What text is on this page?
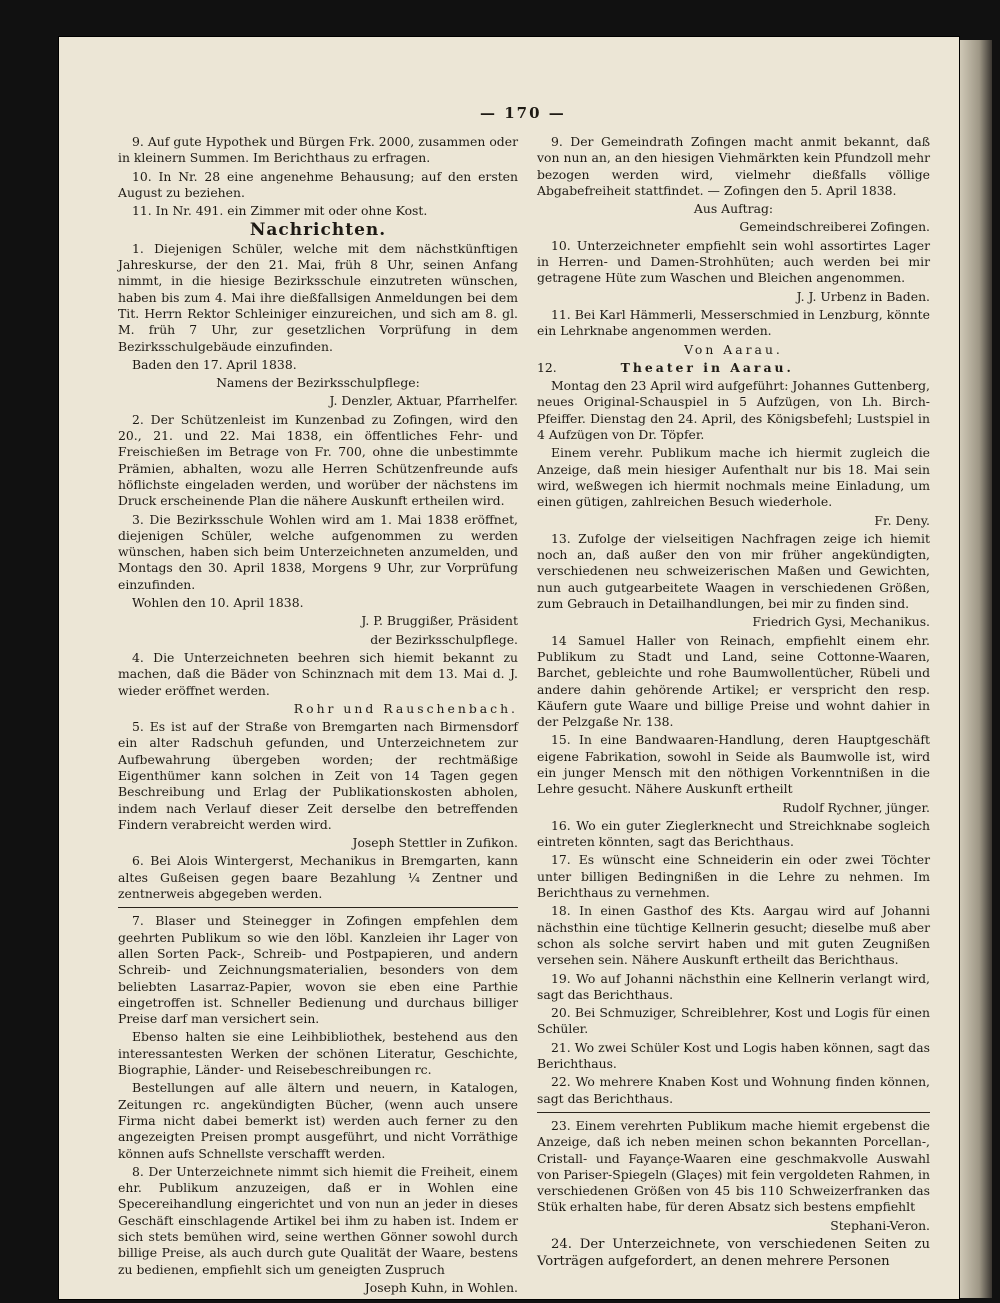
— 170 —

9. Auf gute Hypothek und Bürgen Frk. 2000, zusammen oder in kleinern Summen. Im Berichthaus zu erfragen.

10. In Nr. 28 eine angenehme Behausung; auf den ersten August zu beziehen.

11. In Nr. 491. ein Zimmer mit oder ohne Kost.

Nachrichten.

1. Diejenigen Schüler, welche mit dem nächstkünftigen Jahreskurse, der den 21. Mai, früh 8 Uhr, seinen Anfang nimmt, in die hiesige Bezirksschule einzutreten wünschen, haben bis zum 4. Mai ihre dießfallsigen Anmeldungen bei dem Tit. Herrn Rektor Schleiniger einzureichen, und sich am 8. gl. M. früh 7 Uhr, zur gesetzlichen Vorprüfung in dem Bezirksschulgebäude einzufinden.

Baden den 17. April 1838.

Namens der Bezirksschulpflege:

J. Denzler, Aktuar, Pfarrhelfer.

2. Der Schützenleist im Kunzenbad zu Zofingen, wird den 20., 21. und 22. Mai 1838, ein öffentliches Fehr- und Freischießen im Betrage von Fr. 700, ohne die unbestimmte Prämien, abhalten, wozu alle Herren Schützenfreunde aufs höflichste eingeladen werden, und worüber der nächstens im Druck erscheinende Plan die nähere Auskunft ertheilen wird.

3. Die Bezirksschule Wohlen wird am 1. Mai 1838 eröffnet, diejenigen Schüler, welche aufgenommen zu werden wünschen, haben sich beim Unterzeichneten anzumelden, und Montags den 30. April 1838, Morgens 9 Uhr, zur Vorprüfung einzufinden.

Wohlen den 10. April 1838.

J. P. Bruggißer, Präsident

der Bezirksschulpflege.

4. Die Unterzeichneten beehren sich hiemit bekannt zu machen, daß die Bäder von Schinznach mit dem 13. Mai d. J. wieder eröffnet werden.

Rohr und Rauschenbach.

5. Es ist auf der Straße von Bremgarten nach Birmensdorf ein alter Radschuh gefunden, und Unterzeichnetem zur Aufbewahrung übergeben worden; der rechtmäßige Eigenthümer kann solchen in Zeit von 14 Tagen gegen Beschreibung und Erlag der Publikationskosten abholen, indem nach Verlauf dieser Zeit derselbe den betreffenden Findern verabreicht werden wird.

Joseph Stettler in Zufikon.

6. Bei Alois Wintergerst, Mechanikus in Bremgarten, kann altes Gußeisen gegen baare Bezahlung ¼ Zentner und zentnerweis abgegeben werden.

7. Blaser und Steinegger in Zofingen empfehlen dem geehrten Publikum so wie den löbl. Kanzleien ihr Lager von allen Sorten Pack-, Schreib- und Postpapieren, und andern Schreib- und Zeichnungsmaterialien, besonders von dem beliebten Lasarraz-Papier, wovon sie eben eine Parthie eingetroffen ist. Schneller Bedienung und durchaus billiger Preise darf man versichert sein.

Ebenso halten sie eine Leihbibliothek, bestehend aus den interessantesten Werken der schönen Literatur, Geschichte, Biographie, Länder- und Reisebeschreibungen rc.

Bestellungen auf alle ältern und neuern, in Katalogen, Zeitungen rc. angekündigten Bücher, (wenn auch unsere Firma nicht dabei bemerkt ist) werden auch ferner zu den angezeigten Preisen prompt ausgeführt, und nicht Vorräthige können aufs Schnellste verschafft werden.

8. Der Unterzeichnete nimmt sich hiemit die Freiheit, einem ehr. Publikum anzuzeigen, daß er in Wohlen eine Specereihandlung eingerichtet und von nun an jeder in dieses Geschäft einschlagende Artikel bei ihm zu haben ist. Indem er sich stets bemühen wird, seine werthen Gönner sowohl durch billige Preise, als auch durch gute Qualität der Waare, bestens zu bedienen, empfiehlt sich um geneigten Zuspruch

Joseph Kuhn, in Wohlen.

9. Der Gemeindrath Zofingen macht anmit bekannt, daß von nun an, an den hiesigen Viehmärkten kein Pfundzoll mehr bezogen werden wird, vielmehr dießfalls völlige Abgabefreiheit stattfindet. — Zofingen den 5. April 1838.

Aus Auftrag:

Gemeindschreiberei Zofingen.

10. Unterzeichneter empfiehlt sein wohl assortirtes Lager in Herren- und Damen-Strohhüten; auch werden bei mir getragene Hüte zum Waschen und Bleichen angenommen.

J. J. Urbenz in Baden.

11. Bei Karl Hämmerli, Messerschmied in Lenzburg, könnte ein Lehrknabe angenommen werden.

Von Aarau.

12.	Theater in Aarau.

Montag den 23 April wird aufgeführt: Johannes Guttenberg, neues Original-Schauspiel in 5 Aufzügen, von Lh. Birch-Pfeiffer. Dienstag den 24. April, des Königsbefehl; Lustspiel in 4 Aufzügen von Dr. Töpfer.

Einem verehr. Publikum mache ich hiermit zugleich die Anzeige, daß mein hiesiger Aufenthalt nur bis 18. Mai sein wird, weßwegen ich hiermit nochmals meine Einladung, um einen gütigen, zahlreichen Besuch wiederhole.

Fr. Deny.

13. Zufolge der vielseitigen Nachfragen zeige ich hiemit noch an, daß außer den von mir früher angekündigten, verschiedenen neu schweizerischen Maßen und Gewichten, nun auch gutgearbeitete Waagen in verschiedenen Größen, zum Gebrauch in Detailhandlungen, bei mir zu finden sind.

Friedrich Gysi, Mechanikus.

14 Samuel Haller von Reinach, empfiehlt einem ehr. Publikum zu Stadt und Land, seine Cottonne-Waaren, Barchet, gebleichte und rohe Baumwollentücher, Rübeli und andere dahin gehörende Artikel; er verspricht den resp. Käufern gute Waare und billige Preise und wohnt dahier in der Pelzgaße Nr. 138.

15. In eine Bandwaaren-Handlung, deren Hauptgeschäft eigene Fabrikation, sowohl in Seide als Baumwolle ist, wird ein junger Mensch mit den nöthigen Vorkenntnißen in die Lehre gesucht. Nähere Auskunft ertheilt

Rudolf Rychner, jünger.

16. Wo ein guter Zieglerknecht und Streichknabe sogleich eintreten könnten, sagt das Berichthaus.

17. Es wünscht eine Schneiderin ein oder zwei Töchter unter billigen Bedingnißen in die Lehre zu nehmen. Im Berichthaus zu vernehmen.

18. In einen Gasthof des Kts. Aargau wird auf Johanni nächsthin eine tüchtige Kellnerin gesucht; dieselbe muß aber schon als solche servirt haben und mit guten Zeugnißen versehen sein. Nähere Auskunft ertheilt das Berichthaus.

19. Wo auf Johanni nächsthin eine Kellnerin verlangt wird, sagt das Berichthaus.

20. Bei Schmuziger, Schreiblehrer, Kost und Logis für einen Schüler.

21. Wo zwei Schüler Kost und Logis haben können, sagt das Berichthaus.

22. Wo mehrere Knaben Kost und Wohnung finden können, sagt das Berichthaus.

23. Einem verehrten Publikum mache hiemit ergebenst die Anzeige, daß ich neben meinen schon bekannten Porcellan-, Cristall- und Fayançe-Waaren eine geschmakvolle Auswahl von Pariser-Spiegeln (Glaçes) mit fein vergoldeten Rahmen, in verschiedenen Größen von 45 bis 110 Schweizerfranken das Stük erhalten habe, für deren Absatz sich bestens empfiehlt

Stephani-Veron.

24. Der Unterzeichnete, von verschiedenen Seiten zu Vorträgen aufgefordert, an denen mehrere Personen
